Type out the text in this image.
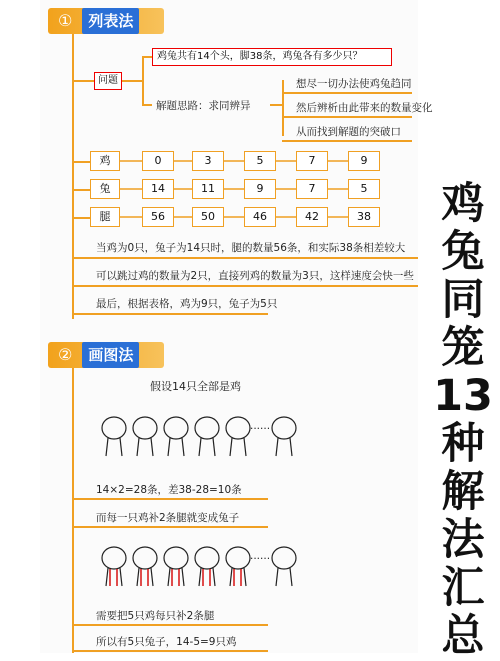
①	列表法
问题
鸡兔共有14个头，脚38条，鸡兔各有多少只？
解题思路：求同辨异
想尽一切办法使鸡兔趋同
然后辨析由此带来的数量变化
从而找到解题的突破口
鸡	0	3	5	7	9
兔	14	11	9	7	5
腿	56	50	46	42	38
当鸡为0只，兔子为14只时，腿的数量56条，和实际38条相差较大
可以跳过鸡的数量为2只，直接列鸡的数量为3只，这样速度会快一些
最后，根据表格，鸡为9只，兔子为5只
②	画图法
假设14只全部是鸡
......
14×2=28条，差38-28=10条
而每一只鸡补2条腿就变成兔子
......
需要把5只鸡每只补2条腿
所以有5只兔子，14-5=9只鸡
鸡
兔
同
笼
13
种
解
法
汇
总
